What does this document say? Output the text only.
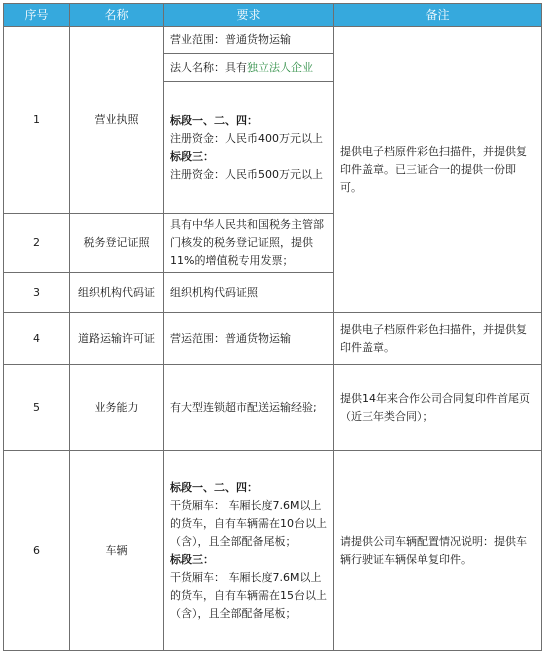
序号	名称	要求	备注
1	营业执照	营业范围：普通货物运输	提供电子档原件彩色扫描件，并提供复印件盖章。已三证合一的提供一份即可。
		法人名称：具有独立法人企业	

		标段一、二、四：
注册资金：人民币400万元以上
标段三：
注册资金：人民币500万元以上	

2	税务登记证照	具有中华人民共和国税务主管部门核发的税务登记证照，提供11%的增值税专用发票；	
3	组织机构代码证	组织机构代码证照	
4	道路运输许可证	营运范围：普通货物运输	提供电子档原件彩色扫描件，并提供复印件盖章。
5	业务能力	有大型连锁超市配送运输经验;	提供14年来合作公司合同复印件首尾页（近三年类合同）；
6	车辆	标段一、二、四：
干货厢车： 车厢长度7.6M以上的货车，自有车辆需在10台以上（含），且全部配备尾板；
标段三：
干货厢车： 车厢长度7.6M以上的货车，自有车辆需在15台以上（含），且全部配备尾板；	请提供公司车辆配置情况说明：提供车辆行驶证车辆保单复印件。
